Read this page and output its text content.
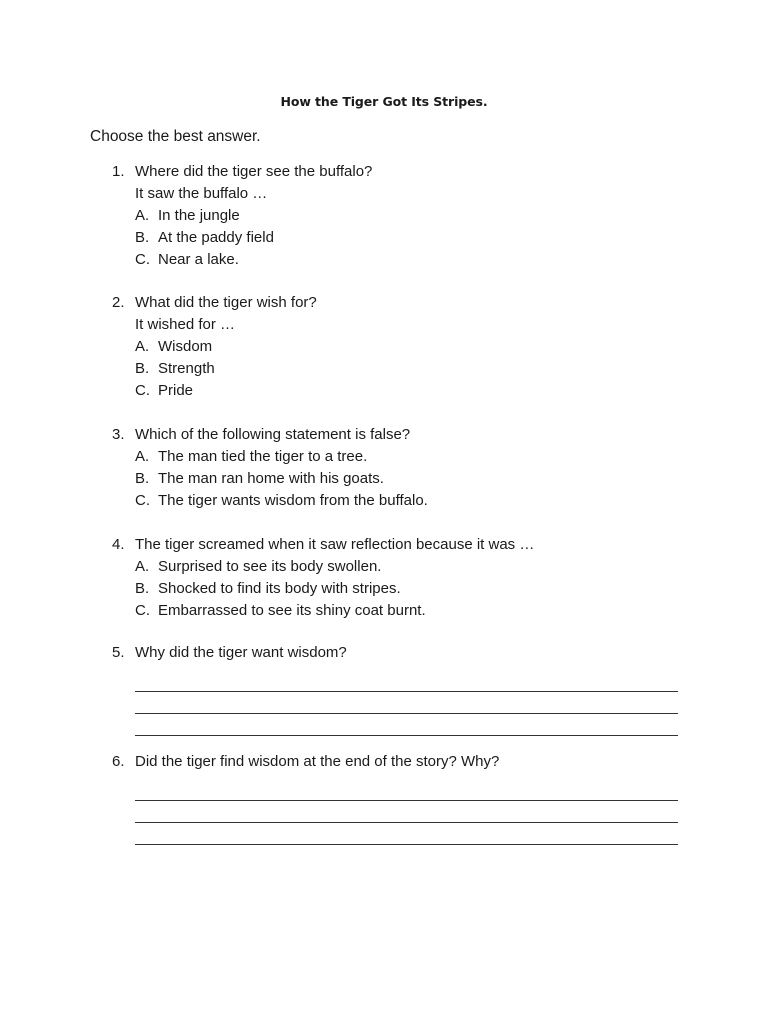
How the Tiger Got Its Stripes.
Choose the best answer.
1. Where did the tiger see the buffalo?
It saw the buffalo …
A. In the jungle
B. At the paddy field
C. Near a lake.
2. What did the tiger wish for?
It wished for …
A. Wisdom
B. Strength
C. Pride
3. Which of the following statement is false?
A. The man tied the tiger to a tree.
B. The man ran home with his goats.
C. The tiger wants wisdom from the buffalo.
4. The tiger screamed when it saw reflection because it was …
A. Surprised to see its body swollen.
B. Shocked to find its body with stripes.
C. Embarrassed to see its shiny coat burnt.
5. Why did the tiger want wisdom?
6. Did the tiger find wisdom at the end of the story? Why?
